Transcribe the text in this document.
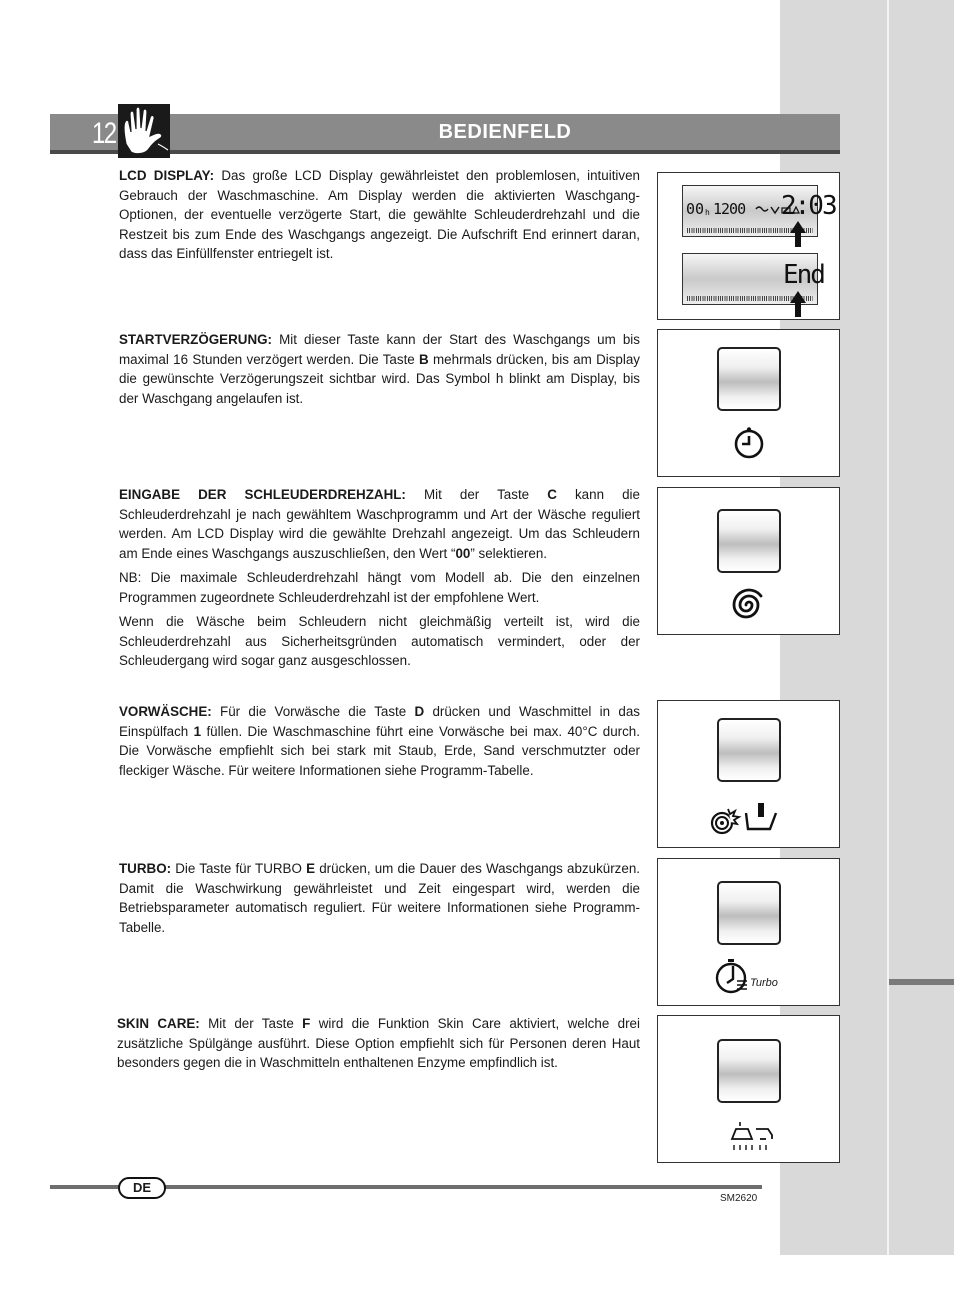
12	BEDIENFELD

LCD DISPLAY: Das große LCD Display gewährleistet den problemlosen, intuitiven Gebrauch der Waschmaschine. Am Display werden die aktivierten Waschgang-Optionen, der eventuelle verzögerte Start, die gewählte Schleuderdrehzahl und die Restzeit bis zum Ende des Waschgangs angezeigt. Die Aufschrift End erinnert daran, dass das Einfüllfenster entriegelt ist.

00 h 1200 2:03
End

STARTVERZÖGERUNG: Mit dieser Taste kann der Start des Waschgangs um bis maximal 16 Stunden verzögert werden. Die Taste B mehrmals drücken, bis am Display die gewünschte Verzögerungszeit sichtbar wird. Das Symbol h blinkt am Display, bis der Waschgang angelaufen ist.

EINGABE DER SCHLEUDERDREHZAHL: Mit der Taste C kann die Schleuderdrehzahl je nach gewähltem Waschprogramm und Art der Wäsche reguliert werden. Am LCD Display wird die gewählte Drehzahl angezeigt. Um das Schleudern am Ende eines Waschgangs auszuschließen, den Wert “00” selektieren.

NB: Die maximale Schleuderdrehzahl hängt vom Modell ab. Die den einzelnen Programmen zugeordnete Schleuderdrehzahl ist der empfohlene Wert.

Wenn die Wäsche beim Schleudern nicht gleichmäßig verteilt ist, wird die Schleuderdrehzahl aus Sicherheitsgründen automatisch vermindert, oder der Schleudergang wird sogar ganz ausgeschlossen.

VORWÄSCHE: Für die Vorwäsche die Taste D drücken und Waschmittel in das Einspülfach 1 füllen. Die Waschmaschine führt eine Vorwäsche bei max. 40°C durch. Die Vorwäsche empfiehlt sich bei stark mit Staub, Erde, Sand verschmutzter oder fleckiger Wäsche. Für weitere Informationen siehe Programm-Tabelle.

TURBO: Die Taste für TURBO E drücken, um die Dauer des Waschgangs abzukürzen. Damit die Waschwirkung gewährleistet und Zeit eingespart wird, werden die Betriebsparameter automatisch reguliert. Für weitere Informationen siehe Programm-Tabelle.

Turbo

SKIN CARE: Mit der Taste F wird die Funktion Skin Care aktiviert, welche drei zusätzliche Spülgänge ausführt. Diese Option empfiehlt sich für Personen deren Haut besonders gegen die in Waschmitteln enthaltenen Enzyme empfindlich ist.

DE
SM2620
